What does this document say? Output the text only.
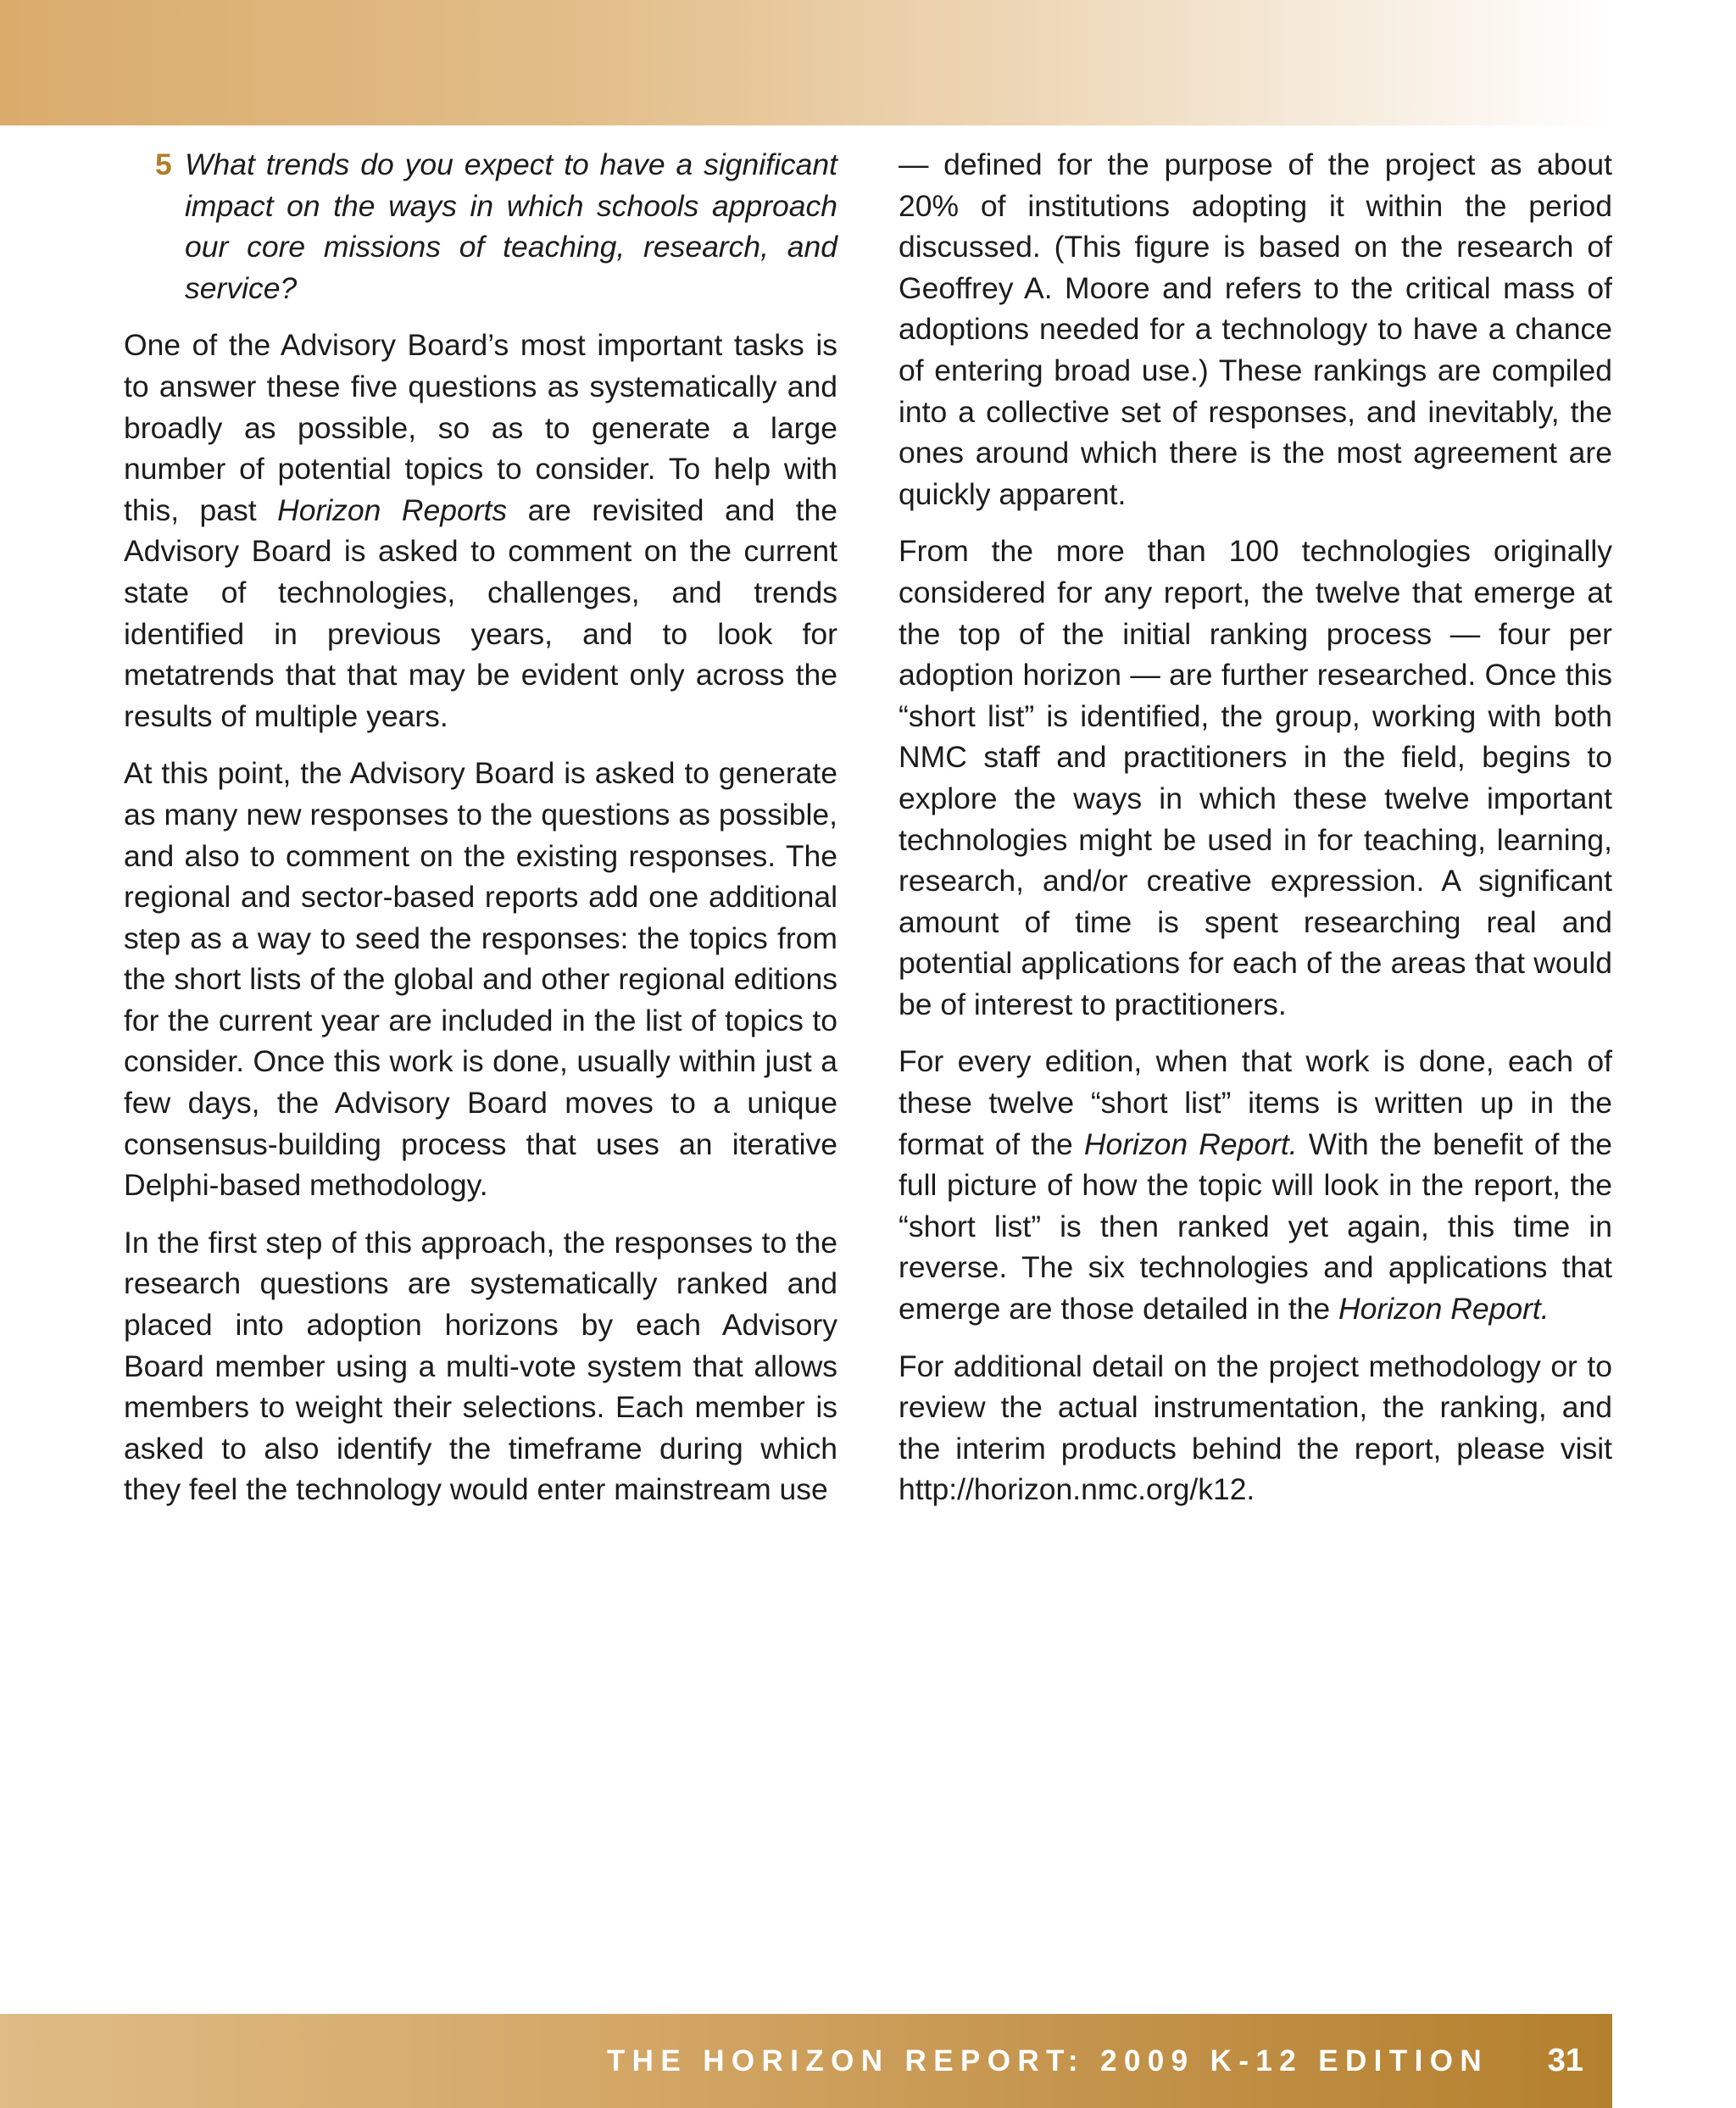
5 What trends do you expect to have a significant impact on the ways in which schools approach our core missions of teaching, research, and service?

One of the Advisory Board’s most important tasks is to answer these five questions as systematically and broadly as possible, so as to generate a large number of potential topics to consider. To help with this, past Horizon Reports are revisited and the Advisory Board is asked to comment on the current state of technologies, challenges, and trends identified in previous years, and to look for metatrends that that may be evident only across the results of multiple years.

At this point, the Advisory Board is asked to generate as many new responses to the questions as possible, and also to comment on the existing responses. The regional and sector-based reports add one additional step as a way to seed the responses: the topics from the short lists of the global and other regional editions for the current year are included in the list of topics to consider. Once this work is done, usually within just a few days, the Advisory Board moves to a unique consensus-building process that uses an iterative Delphi-based methodology.

In the first step of this approach, the responses to the research questions are systematically ranked and placed into adoption horizons by each Advisory Board member using a multi-vote system that allows members to weight their selections. Each member is asked to also identify the timeframe during which they feel the technology would enter mainstream use

— defined for the purpose of the project as about 20% of institutions adopting it within the period discussed. (This figure is based on the research of Geoffrey A. Moore and refers to the critical mass of adoptions needed for a technology to have a chance of entering broad use.) These rankings are compiled into a collective set of responses, and inevitably, the ones around which there is the most agreement are quickly apparent.

From the more than 100 technologies originally considered for any report, the twelve that emerge at the top of the initial ranking process — four per adoption horizon — are further researched. Once this “short list” is identified, the group, working with both NMC staff and practitioners in the field, begins to explore the ways in which these twelve important technologies might be used in for teaching, learning, research, and/or creative expression. A significant amount of time is spent researching real and potential applications for each of the areas that would be of interest to practitioners.

For every edition, when that work is done, each of these twelve “short list” items is written up in the format of the Horizon Report. With the benefit of the full picture of how the topic will look in the report, the “short list” is then ranked yet again, this time in reverse. The six technologies and applications that emerge are those detailed in the Horizon Report.

For additional detail on the project methodology or to review the actual instrumentation, the ranking, and the interim products behind the report, please visit http://horizon.nmc.org/k12.

THE HORIZON REPORT: 2009 K-12 EDITION 31
